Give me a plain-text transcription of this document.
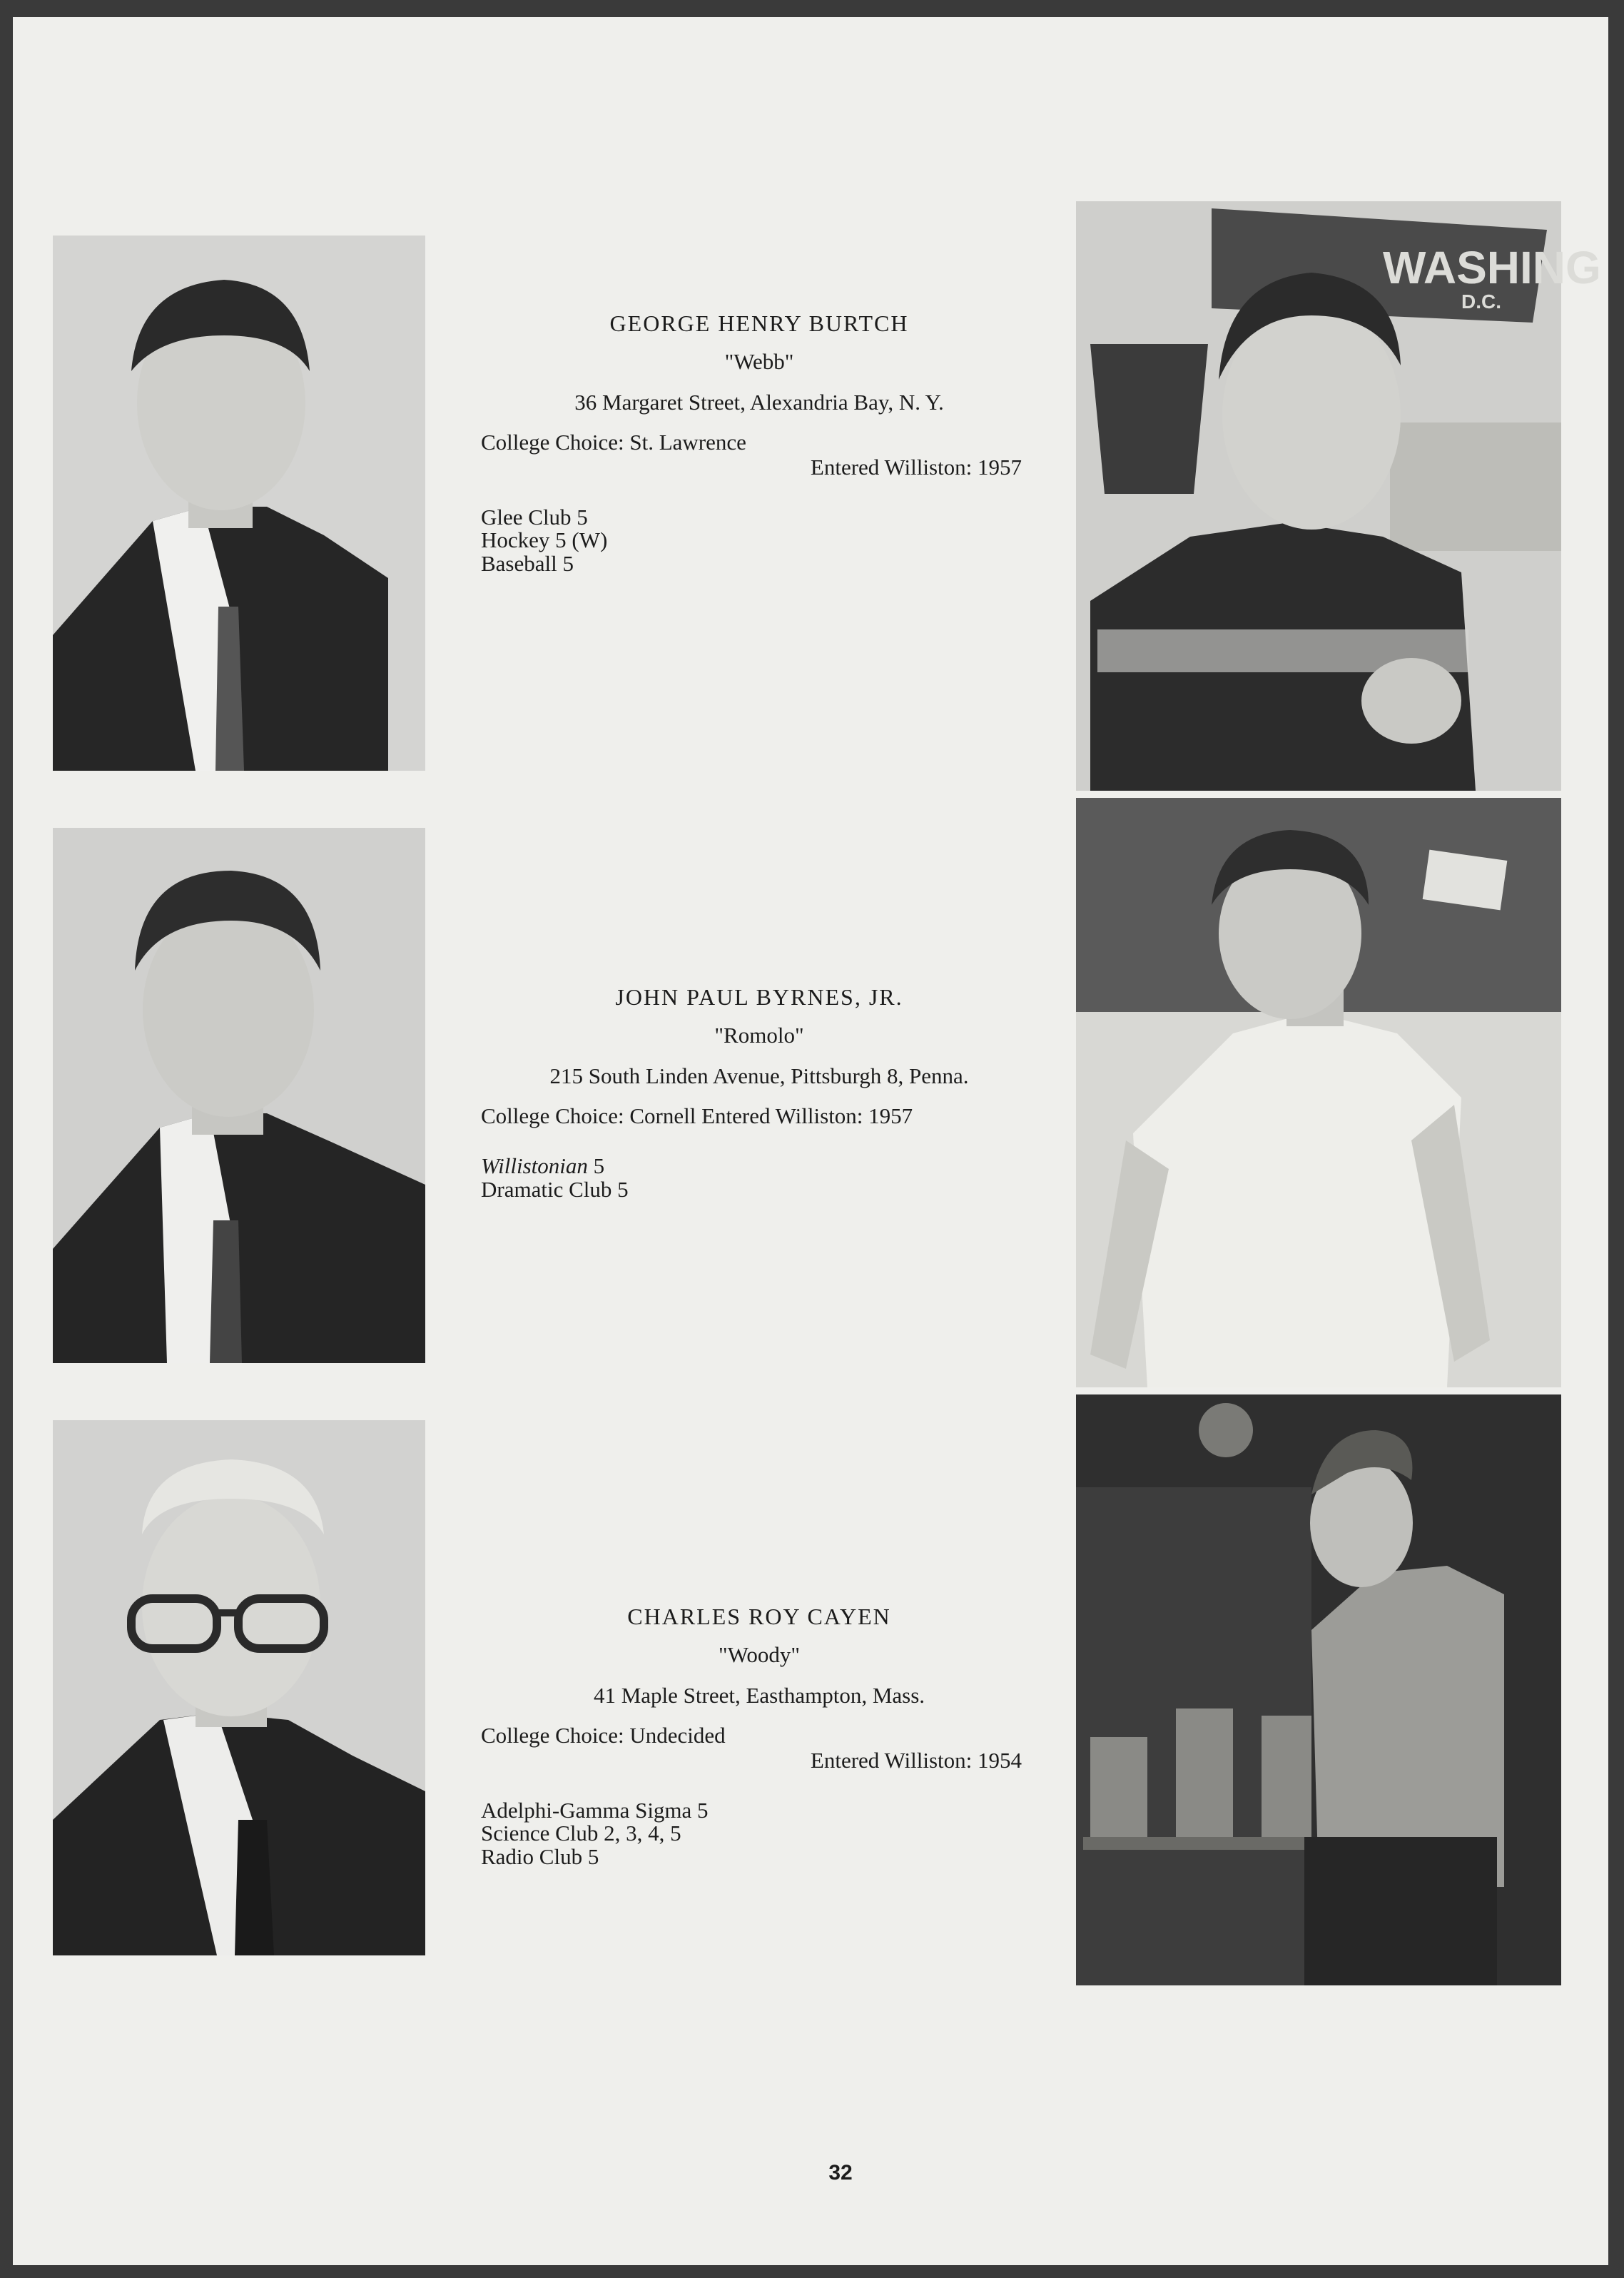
WASHING
D.C.
GEORGE HENRY BURTCH
"Webb"
36 Margaret Street, Alexandria Bay, N. Y.
College Choice: St. Lawrence
Entered Williston: 1957
Glee Club 5
Hockey 5 (W)
Baseball 5
JOHN PAUL BYRNES, JR.
"Romolo"
215 South Linden Avenue, Pittsburgh 8, Penna.
College Choice: Cornell Entered Williston: 1957
Willistonian 5
Dramatic Club 5
CHARLES ROY CAYEN
"Woody"
41 Maple Street, Easthampton, Mass.
College Choice: Undecided
Entered Williston: 1954
Adelphi-Gamma Sigma 5
Science Club 2, 3, 4, 5
Radio Club 5
32
